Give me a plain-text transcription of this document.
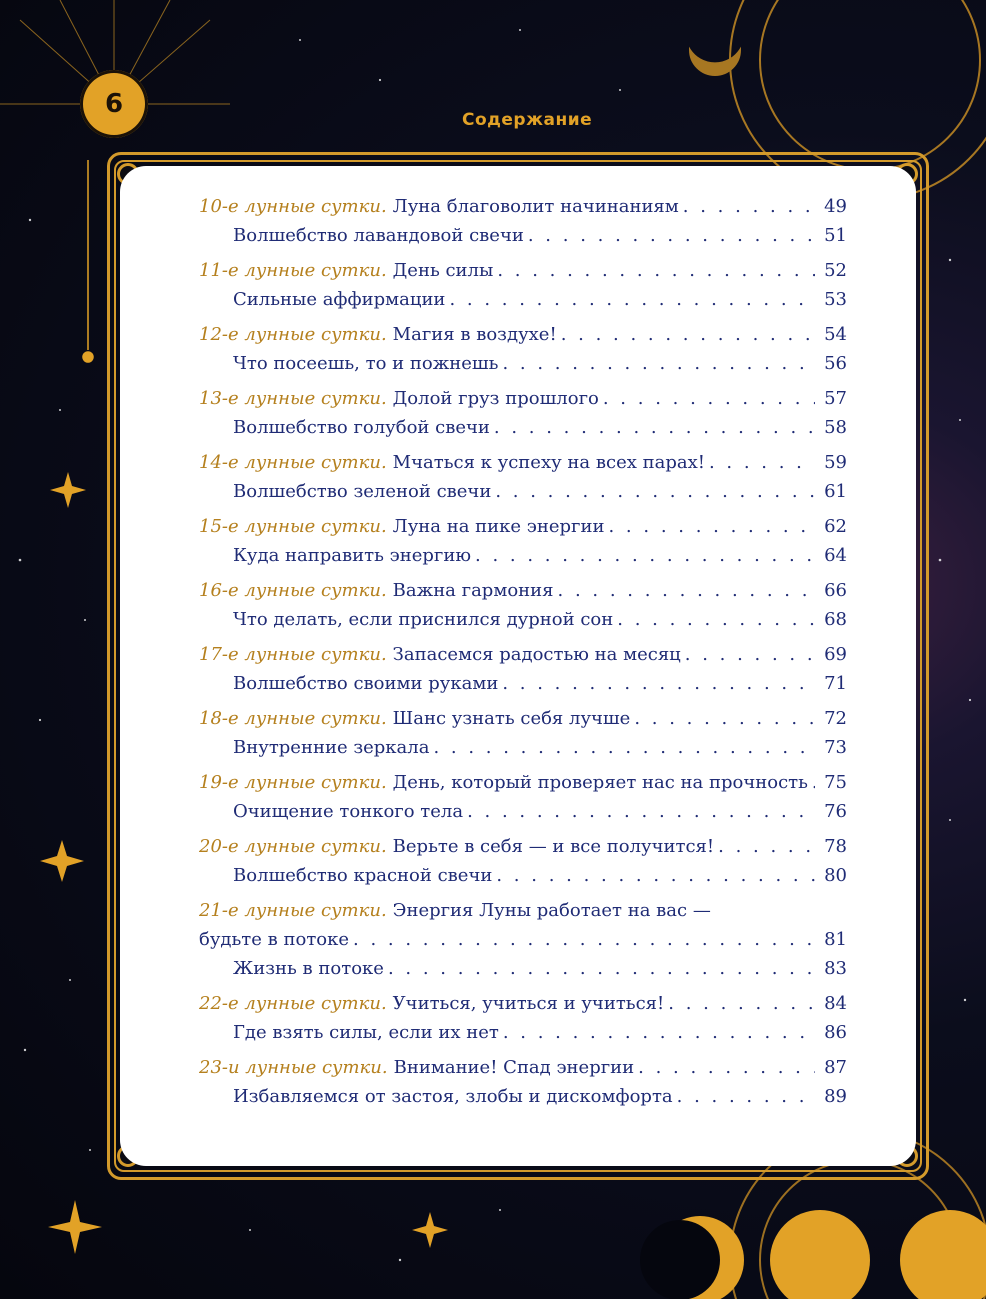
6
Содержание
10-е лунные сутки. Луна благоволит начинаниям . . .	49
Волшебство лавандовой свечи . . .	51
11-е лунные сутки. День силы . . .	52
Сильные аффирмации . . .	53
12-е лунные сутки. Магия в воздухе! . . .	54
Что посеешь, то и пожнешь . . .	56
13-е лунные сутки. Долой груз прошлого . . .	57
Волшебство голубой свечи . . .	58
14-е лунные сутки. Мчаться к успеху на всех парах! . . .	59
Волшебство зеленой свечи . . .	61
15-е лунные сутки. Луна на пике энергии . . .	62
Куда направить энергию . . .	64
16-е лунные сутки. Важна гармония . . .	66
Что делать, если приснился дурной сон . . .	68
17-е лунные сутки. Запасемся радостью на месяц . . .	69
Волшебство своими руками . . .	71
18-е лунные сутки. Шанс узнать себя лучше . . .	72
Внутренние зеркала . . .	73
19-е лунные сутки. День, который проверяет нас на прочность . . . 75
Очищение тонкого тела . . .	76
20-е лунные сутки. Верьте в себя — и все получится! . . .	78
Волшебство красной свечи . . .	80
21-е лунные сутки. Энергия Луны работает на вас —
будьте в потоке . . .	81
Жизнь в потоке . . .	83
22-е лунные сутки. Учиться, учиться и учиться! . . .	84
Где взять силы, если их нет . . .	86
23-и лунные сутки. Внимание! Спад энергии . . .	87
Избавляемся от застоя, злобы и дискомфорта . . .	89
